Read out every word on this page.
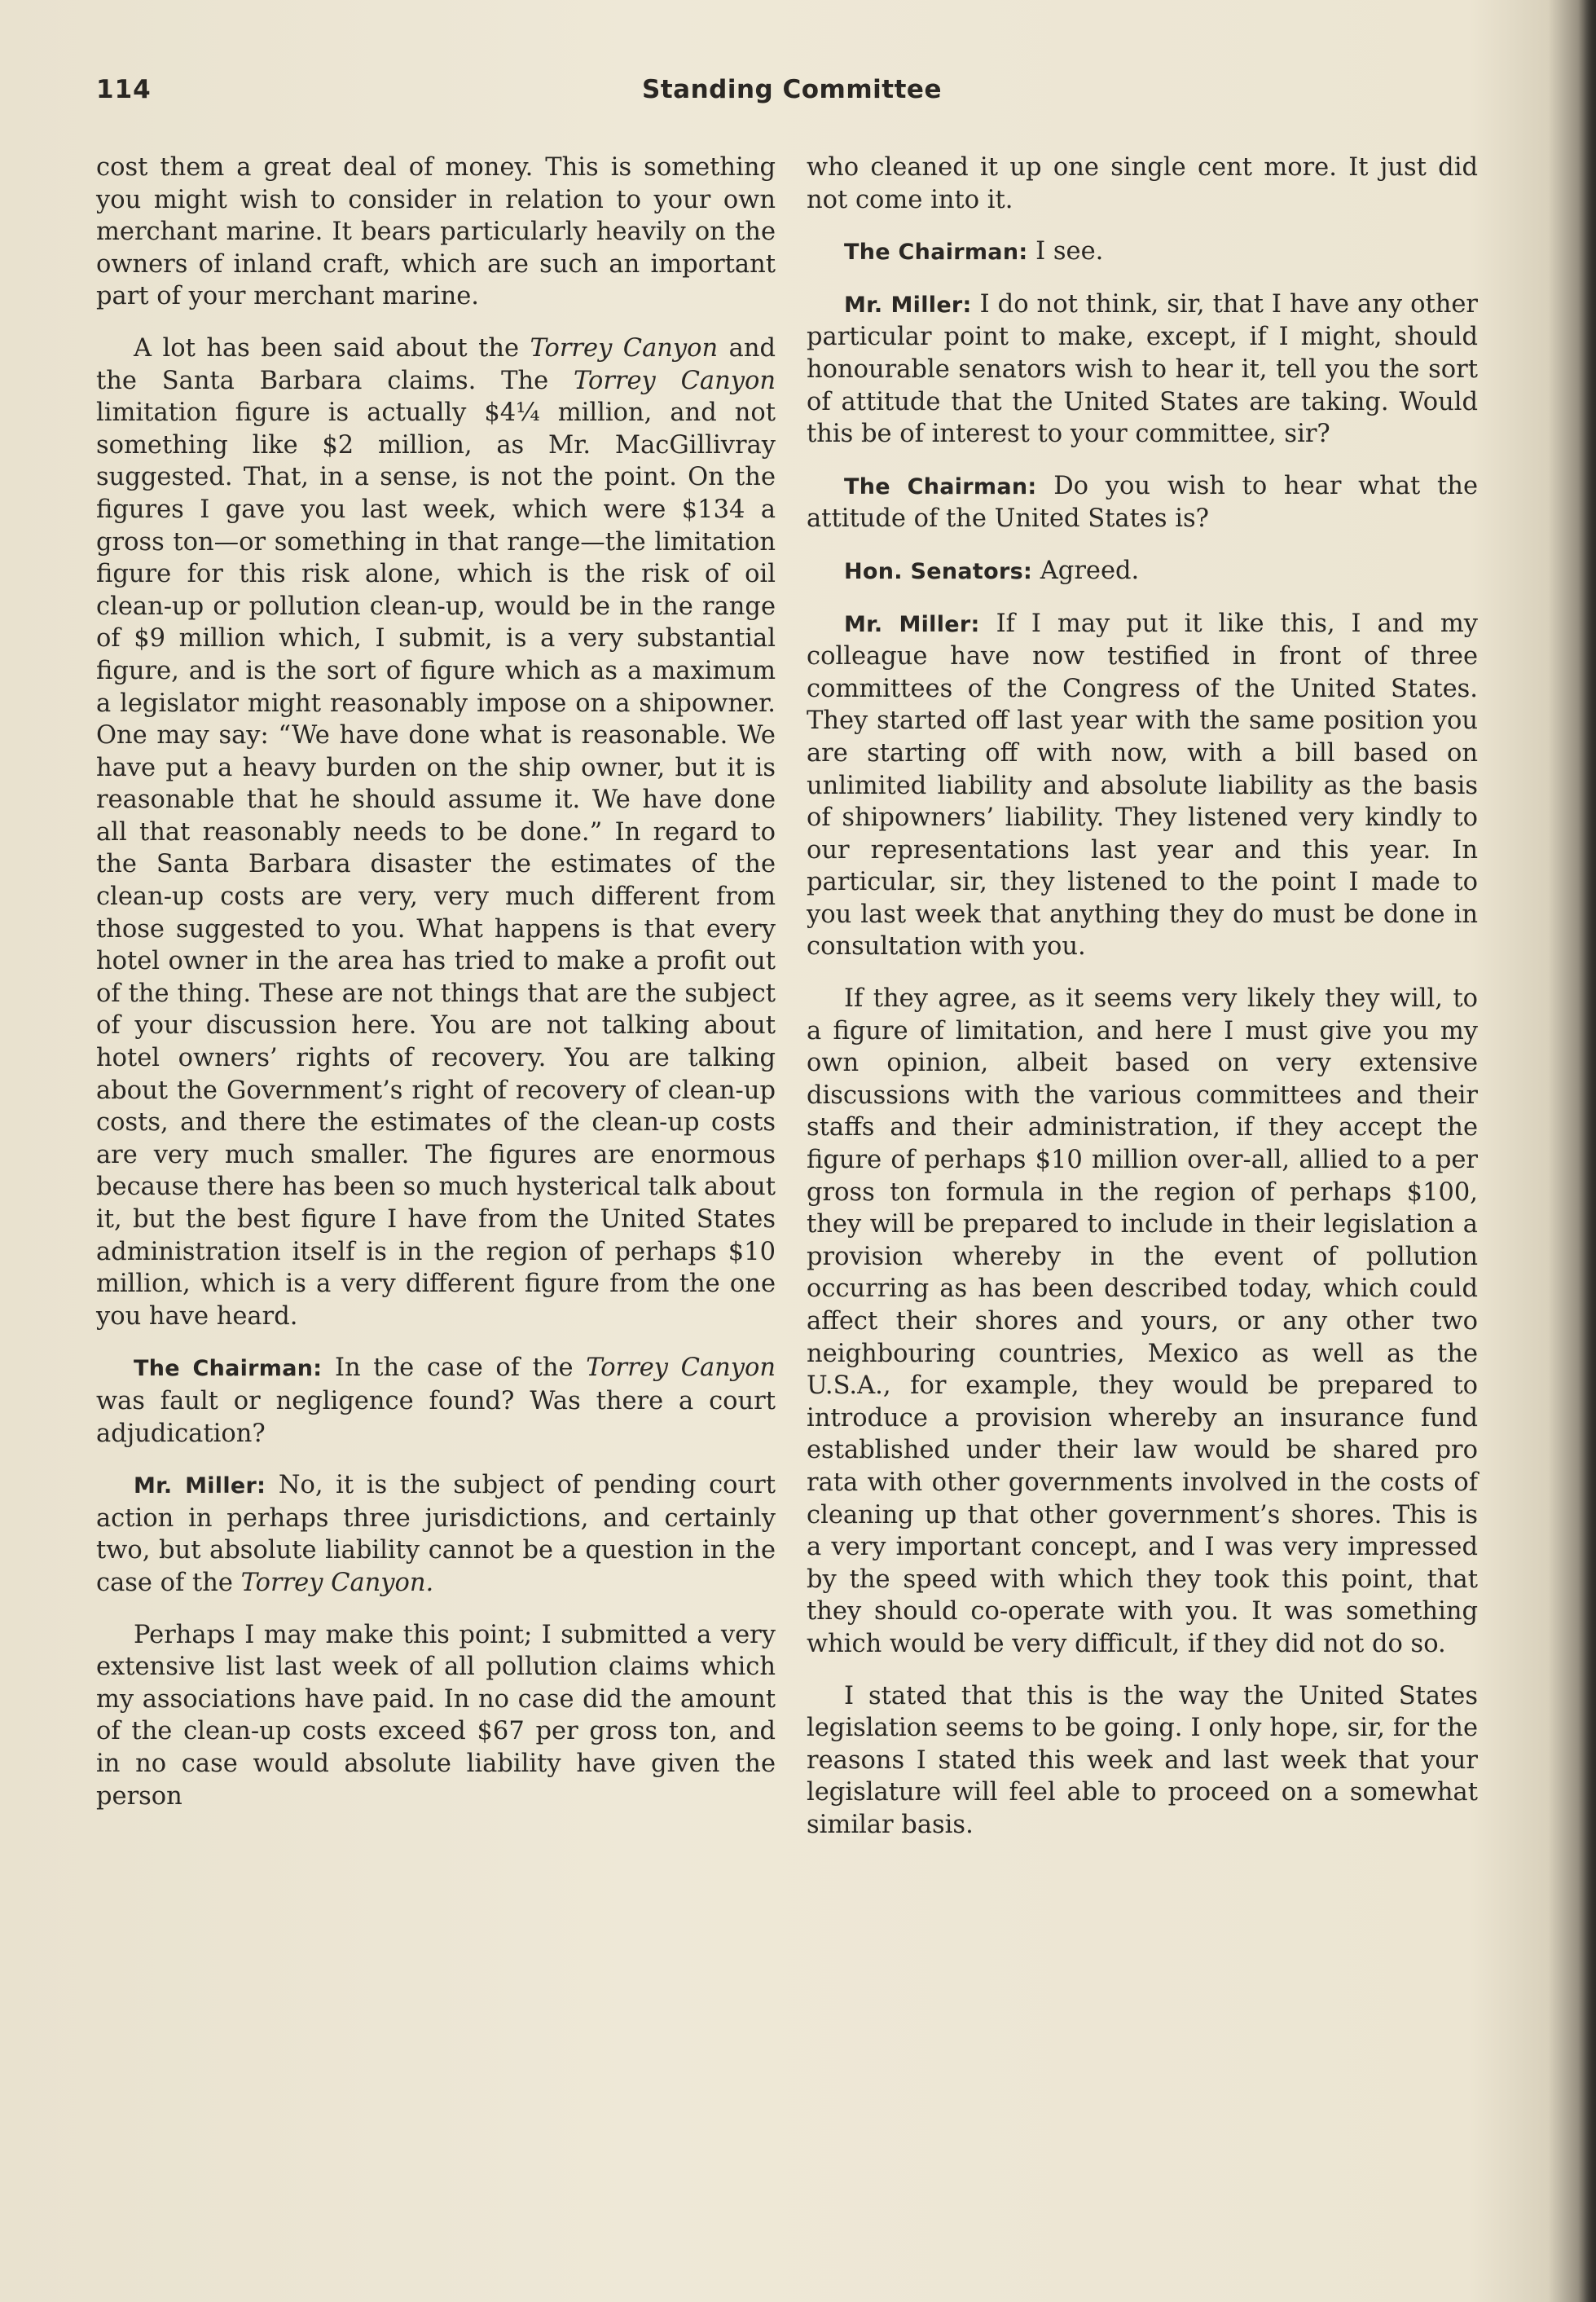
114	Standing Committee

cost them a great deal of money. This is something you might wish to consider in relation to your own merchant marine. It bears particularly heavily on the owners of inland craft, which are such an important part of your merchant marine.

A lot has been said about the Torrey Canyon and the Santa Barbara claims. The Torrey Canyon limitation figure is actually $4¼ million, and not something like $2 million, as Mr. MacGillivray suggested. That, in a sense, is not the point. On the figures I gave you last week, which were $134 a gross ton—or something in that range—the limitation figure for this risk alone, which is the risk of oil clean-up or pollution clean-up, would be in the range of $9 million which, I submit, is a very substantial figure, and is the sort of figure which as a maximum a legislator might reasonably impose on a shipowner. One may say: “We have done what is reasonable. We have put a heavy burden on the ship owner, but it is reasonable that he should assume it. We have done all that reasonably needs to be done.” In regard to the Santa Barbara disaster the estimates of the clean-up costs are very, very much different from those suggested to you. What happens is that every hotel owner in the area has tried to make a profit out of the thing. These are not things that are the subject of your discussion here. You are not talking about hotel owners’ rights of recovery. You are talking about the Government’s right of recovery of clean-up costs, and there the estimates of the clean-up costs are very much smaller. The figures are enormous because there has been so much hysterical talk about it, but the best figure I have from the United States administration itself is in the region of perhaps $10 million, which is a very different figure from the one you have heard.

The Chairman: In the case of the Torrey Canyon was fault or negligence found? Was there a court adjudication?

Mr. Miller: No, it is the subject of pending court action in perhaps three jurisdictions, and certainly two, but absolute liability cannot be a question in the case of the Torrey Canyon.

Perhaps I may make this point; I submitted a very extensive list last week of all pollution claims which my associations have paid. In no case did the amount of the clean-up costs exceed $67 per gross ton, and in no case would absolute liability have given the person

who cleaned it up one single cent more. It just did not come into it.

The Chairman: I see.

Mr. Miller: I do not think, sir, that I have any other particular point to make, except, if I might, should honourable senators wish to hear it, tell you the sort of attitude that the United States are taking. Would this be of interest to your committee, sir?

The Chairman: Do you wish to hear what the attitude of the United States is?

Hon. Senators: Agreed.

Mr. Miller: If I may put it like this, I and my colleague have now testified in front of three committees of the Congress of the United States. They started off last year with the same position you are starting off with now, with a bill based on unlimited liability and absolute liability as the basis of shipowners’ liability. They listened very kindly to our representations last year and this year. In particular, sir, they listened to the point I made to you last week that anything they do must be done in consultation with you.

If they agree, as it seems very likely they will, to a figure of limitation, and here I must give you my own opinion, albeit based on very extensive discussions with the various committees and their staffs and their administration, if they accept the figure of perhaps $10 million over-all, allied to a per gross ton formula in the region of perhaps $100, they will be prepared to include in their legislation a provision whereby in the event of pollution occurring as has been described today, which could affect their shores and yours, or any other two neighbouring countries, Mexico as well as the U.S.A., for example, they would be prepared to introduce a provision whereby an insurance fund established under their law would be shared pro rata with other governments involved in the costs of cleaning up that other government’s shores. This is a very important concept, and I was very impressed by the speed with which they took this point, that they should co-operate with you. It was something which would be very difficult, if they did not do so.

I stated that this is the way the United States legislation seems to be going. I only hope, sir, for the reasons I stated this week and last week that your legislature will feel able to proceed on a somewhat similar basis.
